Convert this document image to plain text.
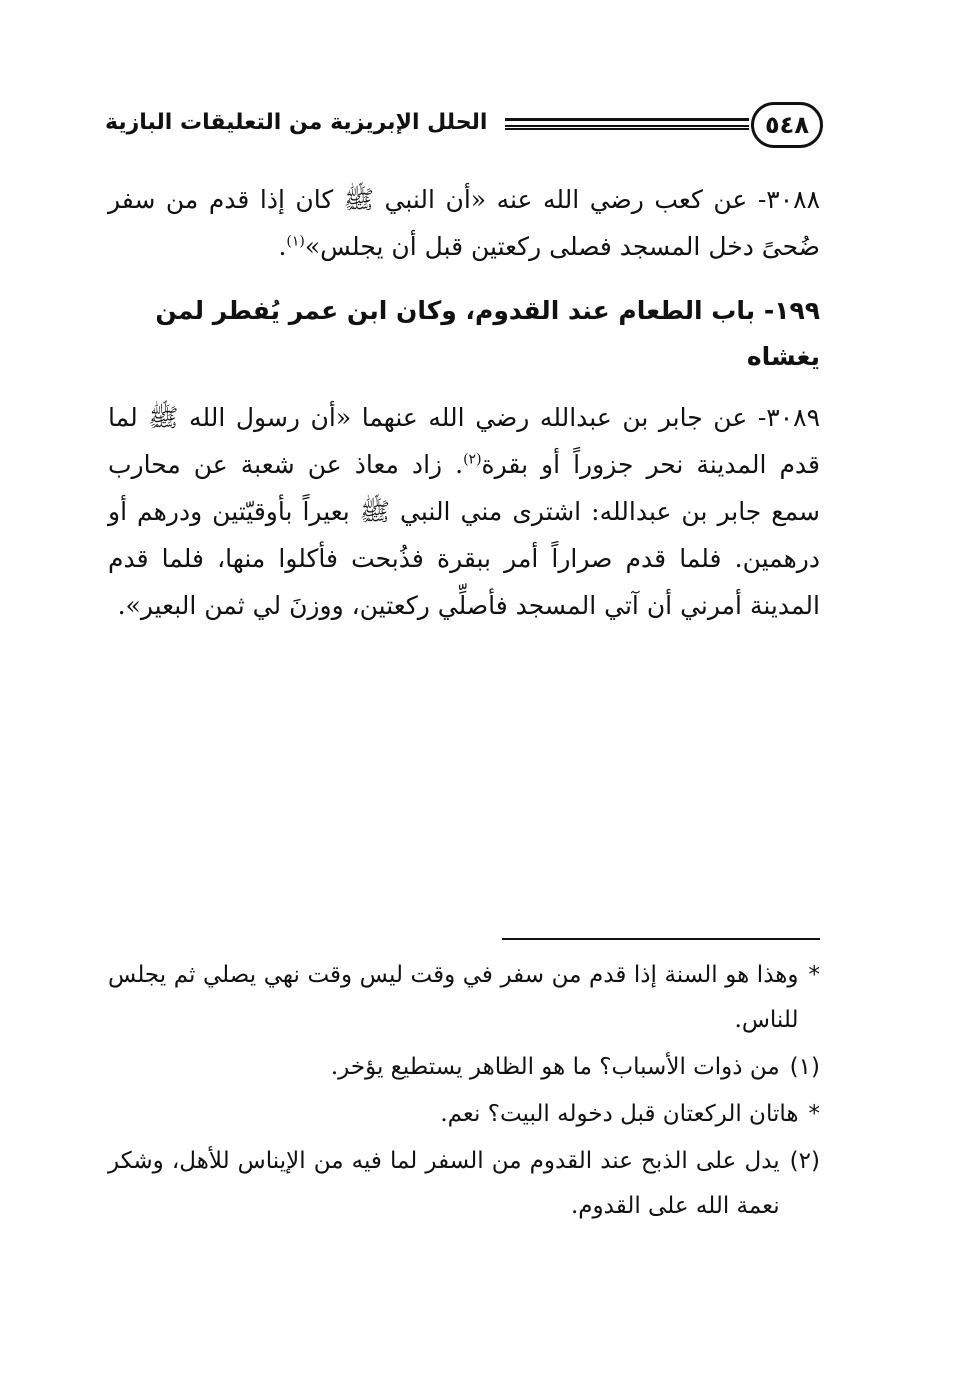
٥٤٨
الحلل الإبريزية من التعليقات البازية

٣٠٨٨- عن كعب رضي الله عنه «أن النبي ﷺ كان إذا قدم من سفر ضُحىً دخل المسجد فصلى ركعتين قبل أن يجلس»$^{(١)}$.

١٩٩- باب الطعام عند القدوم، وكان ابن عمر يُفطر لمن يغشاه

٣٠٨٩- عن جابر بن عبدالله رضي الله عنهما «أن رسول الله ﷺ لما قدم المدينة نحر جزوراً أو بقرة$^{(٢)}$. زاد معاذ عن شعبة عن محارب سمع جابر بن عبدالله: اشترى مني النبي ﷺ بعيراً بأوقيّتين ودرهم أو درهمين. فلما قدم صراراً أمر ببقرة فذُبحت فأكلوا منها، فلما قدم المدينة أمرني أن آتي المسجد فأصلِّي ركعتين، ووزنَ لي ثمن البعير».

*
وهذا هو السنة إذا قدم من سفر في وقت ليس وقت نهي يصلي ثم يجلس للناس.
(١)
من ذوات الأسباب؟ ما هو الظاهر يستطيع يؤخر.
*
هاتان الركعتان قبل دخوله البيت؟ نعم.
(٢)
يدل على الذبح عند القدوم من السفر لما فيه من الإيناس للأهل، وشكر نعمة الله على القدوم.
